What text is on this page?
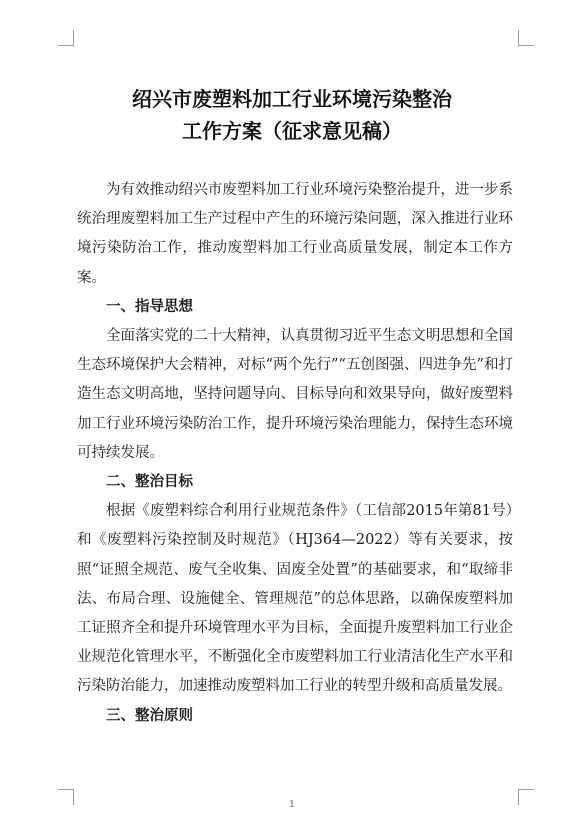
绍兴市废塑料加工行业环境污染整治
工作方案（征求意见稿）

为有效推动绍兴市废塑料加工行业环境污染整治提升，进一步系统治理废塑料加工生产过程中产生的环境污染问题，深入推进行业环境污染防治工作，推动废塑料加工行业高质量发展，制定本工作方案。

一、指导思想

全面落实党的二十大精神，认真贯彻习近平生态文明思想和全国生态环境保护大会精神，对标“两个先行”“五创图强、四进争先”和打造生态文明高地，坚持问题导向、目标导向和效果导向，做好废塑料加工行业环境污染防治工作，提升环境污染治理能力，保持生态环境可持续发展。

二、整治目标

根据《废塑料综合利用行业规范条件》（工信部2015年第81号）和《废塑料污染控制及时规范》（HJ364—2022）等有关要求，按照“证照全规范、废气全收集、固废全处置”的基础要求，和“取缔非法、布局合理、设施健全、管理规范”的总体思路，以确保废塑料加工证照齐全和提升环境管理水平为目标，全面提升废塑料加工行业企业规范化管理水平，不断强化全市废塑料加工行业清洁化生产水平和污染防治能力，加速推动废塑料加工行业的转型升级和高质量发展。

三、整治原则

1
